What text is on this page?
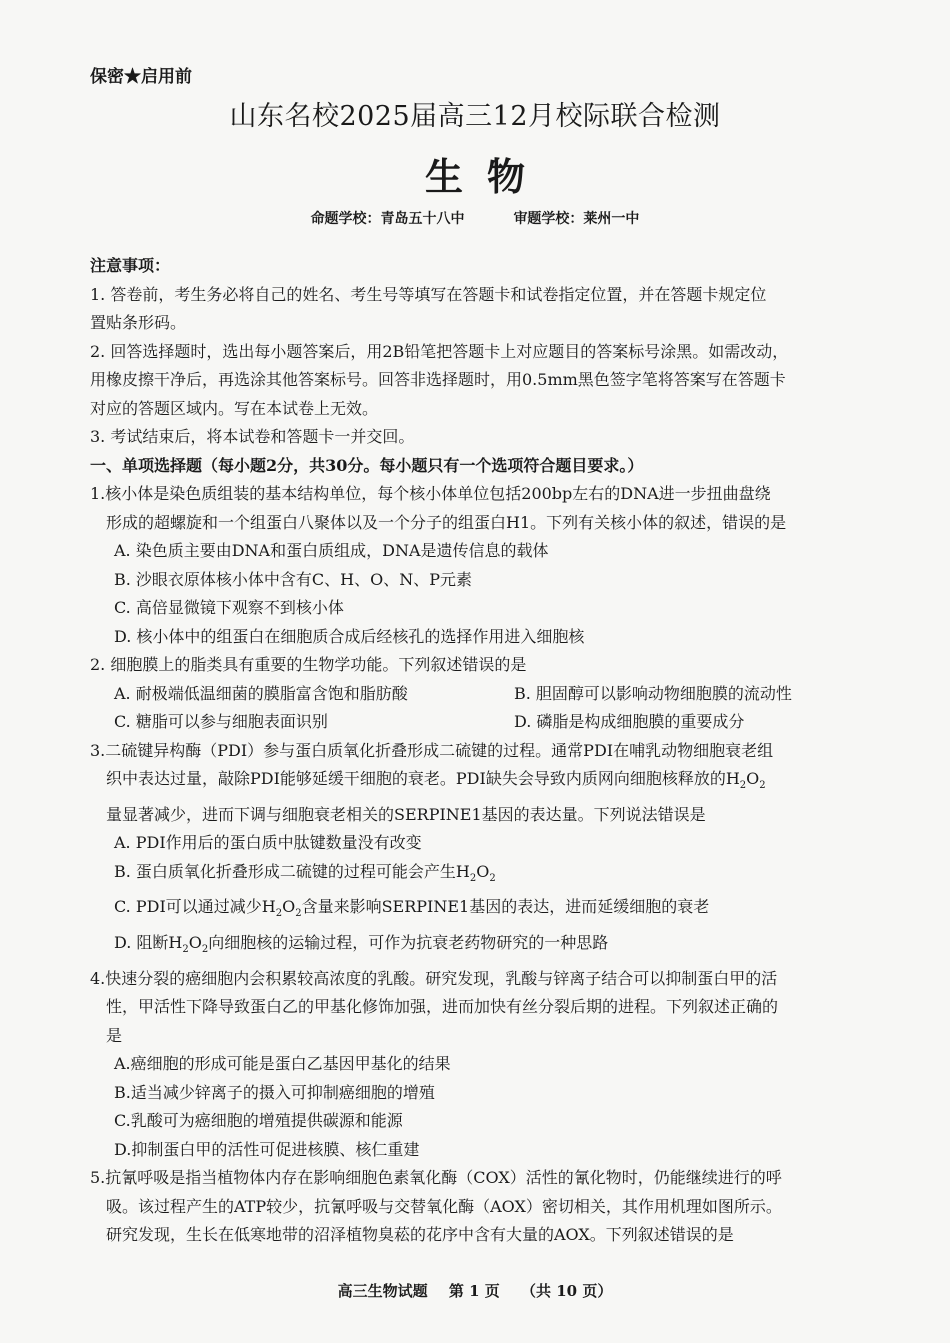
保密★启用前
山东名校2025届高三12月校际联合检测
生物
命题学校：青岛五十八中	审题学校：莱州一中
注意事项：
1. 答卷前，考生务必将自己的姓名、考生号等填写在答题卡和试卷指定位置，并在答题卡规定位
置贴条形码。
2. 回答选择题时，选出每小题答案后，用2B铅笔把答题卡上对应题目的答案标号涂黑。如需改动，
用橡皮擦干净后，再选涂其他答案标号。回答非选择题时，用0.5mm黑色签字笔将答案写在答题卡
对应的答题区域内。写在本试卷上无效。
3. 考试结束后，将本试卷和答题卡一并交回。
一、单项选择题（每小题2分，共30分。每小题只有一个选项符合题目要求。）
1.核小体是染色质组装的基本结构单位，每个核小体单位包括200bp左右的DNA进一步扭曲盘绕
形成的超螺旋和一个组蛋白八聚体以及一个分子的组蛋白H1。下列有关核小体的叙述，错误的是
A. 染色质主要由DNA和蛋白质组成，DNA是遗传信息的载体
B. 沙眼衣原体核小体中含有C、H、O、N、P元素
C. 高倍显微镜下观察不到核小体
D. 核小体中的组蛋白在细胞质合成后经核孔的选择作用进入细胞核
2. 细胞膜上的脂类具有重要的生物学功能。下列叙述错误的是
A. 耐极端低温细菌的膜脂富含饱和脂肪酸	B. 胆固醇可以影响动物细胞膜的流动性
C. 糖脂可以参与细胞表面识别	D. 磷脂是构成细胞膜的重要成分
3.二硫键异构酶（PDI）参与蛋白质氧化折叠形成二硫键的过程。通常PDI在哺乳动物细胞衰老组
织中表达过量，敲除PDI能够延缓干细胞的衰老。PDI缺失会导致内质网向细胞核释放的$H_2O_2$
量显著减少，进而下调与细胞衰老相关的SERPINE1基因的表达量。下列说法错误是
A. PDI作用后的蛋白质中肽键数量没有改变
B. 蛋白质氧化折叠形成二硫键的过程可能会产生$H_2O_2$
C. PDI可以通过减少$H_2O_2$含量来影响SERPINE1基因的表达，进而延缓细胞的衰老
D. 阻断$H_2O_2$向细胞核的运输过程，可作为抗衰老药物研究的一种思路
4.快速分裂的癌细胞内会积累较高浓度的乳酸。研究发现，乳酸与锌离子结合可以抑制蛋白甲的活
性，甲活性下降导致蛋白乙的甲基化修饰加强，进而加快有丝分裂后期的进程。下列叙述正确的
是
A.癌细胞的形成可能是蛋白乙基因甲基化的结果
B.适当减少锌离子的摄入可抑制癌细胞的增殖
C.乳酸可为癌细胞的增殖提供碳源和能源
D.抑制蛋白甲的活性可促进核膜、核仁重建
5.抗氰呼吸是指当植物体内存在影响细胞色素氧化酶（COX）活性的氰化物时，仍能继续进行的呼
吸。该过程产生的ATP较少，抗氰呼吸与交替氧化酶（AOX）密切相关，其作用机理如图所示。
研究发现，生长在低寒地带的沼泽植物臭菘的花序中含有大量的AOX。下列叙述错误的是
高三生物试题 第 1 页 （共 10 页）
